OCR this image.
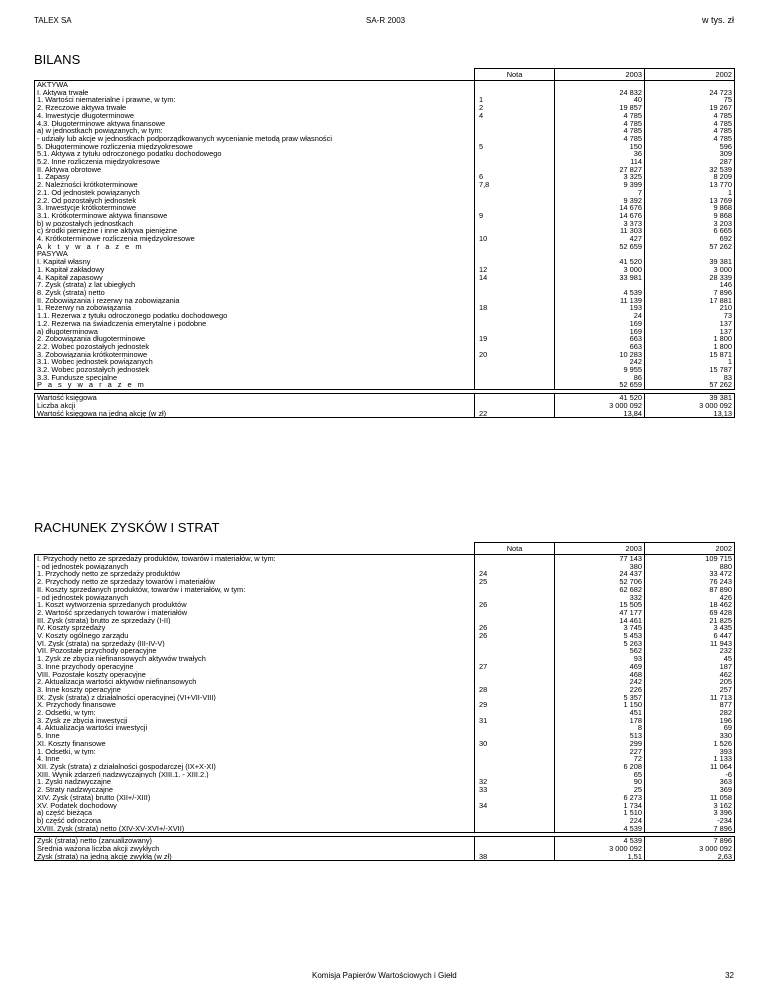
TALEX SA	SA-R 2003	w tys. zł
BILANS
	Nota	2003	2002
AKTYWA			
I. Aktywa trwałe		24 832	24 723
1. Wartości niematerialne i prawne, w tym:	1	40	75
2. Rzeczowe aktywa trwałe	2	19 857	19 267
4. Inwestycje długoterminowe	4	4 785	4 785
4.3. Długoterminowe aktywa finansowe		4 785	4 785
a) w jednostkach powiązanych, w tym:		4 785	4 785
- udziały lub akcje w jednostkach podporządkowanych wycenianie metodą praw własności		4 785	4 785
5. Długoterminowe rozliczenia międzyokresowe	5	150	596
5.1. Aktywa z tytułu odroczonego podatku dochodowego		36	309
5.2. Inne rozliczenia międzyokresowe		114	287
II. Aktywa obrotowe		27 827	32 539
1. Zapasy	6	3 325	8 209
2. Należności krótkoterminowe	7,8	9 399	13 770
2.1. Od jednostek powiązanych		7	1
2.2. Od pozostałych jednostek		9 392	13 769
3. Inwestycje krótkoterminowe		14 676	9 868
3.1. Krótkoterminowe aktywa finansowe	9	14 676	9 868
b) w pozostałych jednostkach		3 373	3 203
c) środki pieniężne i inne aktywa pieniężne		11 303	6 665
4. Krótkoterminowe rozliczenia międzyokresowe	10	427	692
A k t y w a r a z e m		52 659	57 262
PASYWA			
I. Kapitał własny		41 520	39 381
1. Kapitał zakładowy	12	3 000	3 000
4. Kapitał zapasowy	14	33 981	28 339
7. Zysk (strata) z lat ubiegłych			146
8. Zysk (strata) netto		4 539	7 896
II. Zobowiązania i rezerwy na zobowiązania		11 139	17 881
1. Rezerwy na zobowiązania	18	193	210
1.1. Rezerwa z tytułu odroczonego podatku dochodowego		24	73
1.2. Rezerwa na świadczenia emerytalne i podobne		169	137
a) długoterminowa		169	137
2. Zobowiązania długoterminowe	19	663	1 800
2.2. Wobec pozostałych jednostek		663	1 800
3. Zobowiązania krótkoterminowe	20	10 283	15 871
3.1. Wobec jednostek powiązanych		242	1
3.2. Wobec pozostałych jednostek		9 955	15 787
3.3. Fundusze specjalne		86	83
P a s y w a r a z e m		52 659	57 262

Wartość księgowa		41 520	39 381
Liczba akcji		3 000 092	3 000 092
Wartość księgowa na jedną akcję (w zł)	22	13,84	13,13
RACHUNEK ZYSKÓW I STRAT
	Nota	2003	2002
I. Przychody netto ze sprzedaży produktów, towarów i materiałów, w tym:		77 143	109 715
- od jednostek powiązanych		380	880
1. Przychody netto ze sprzedaży produktów	24	24 437	33 472
2. Przychody netto ze sprzedaży towarów i materiałów	25	52 706	76 243
II. Koszty sprzedanych produktów, towarów i materiałów, w tym:		62 682	87 890
- od jednostek powiązanych		332	426
1. Koszt wytworzenia sprzedanych produktów	26	15 505	18 462
2. Wartość sprzedanych towarów i materiałów		47 177	69 428
III. Zysk (strata) brutto ze sprzedaży (I-II)		14 461	21 825
IV. Koszty sprzedaży	26	3 745	3 435
V. Koszty ogólnego zarządu	26	5 453	6 447
VI. Zysk (strata) na sprzedaży (III-IV-V)		5 263	11 943
VII. Pozostałe przychody operacyjne		562	232
1. Zysk ze zbycia niefinansowych aktywów trwałych		93	45
3. Inne przychody operacyjne	27	469	187
VIII. Pozostałe koszty operacyjne		468	462
2. Aktualizacja wartości aktywów niefinansowych		242	205
3. Inne koszty operacyjne	28	226	257
IX. Zysk (strata) z działalności operacyjnej (VI+VII-VIII)		5 357	11 713
X. Przychody finansowe	29	1 150	877
2. Odsetki, w tym:		451	282
3. Zysk ze zbycia inwestycji	31	178	196
4. Aktualizacja wartości inwestycji		8	69
5. Inne		513	330
XI. Koszty finansowe	30	299	1 526
1. Odsetki, w tym:		227	393
4. Inne		72	1 133
XII. Zysk (strata) z działalności gospodarczej (IX+X-XI)		6 208	11 064
XIII. Wynik zdarzeń nadzwyczajnych (XIII.1. - XIII.2.)		65	-6
1. Zyski nadzwyczajne	32	90	363
2. Straty nadzwyczajne	33	25	369
XIV. Zysk (strata) brutto (XII+/-XIII)		6 273	11 058
XV. Podatek dochodowy	34	1 734	3 162
a) część bieżąca		1 510	3 396
b) część odroczona		224	-234
XVIII. Zysk (strata) netto (XIV-XV-XVI+/-XVII)		4 539	7 896

Zysk (strata) netto (zanualizowany)		4 539	7 896
Średnia ważona liczba akcji zwykłych		3 000 092	3 000 092
Zysk (strata) na jedną akcję zwykłą (w zł)	38	1,51	2,63
Komisja Papierów Wartościowych i Giełd	32
